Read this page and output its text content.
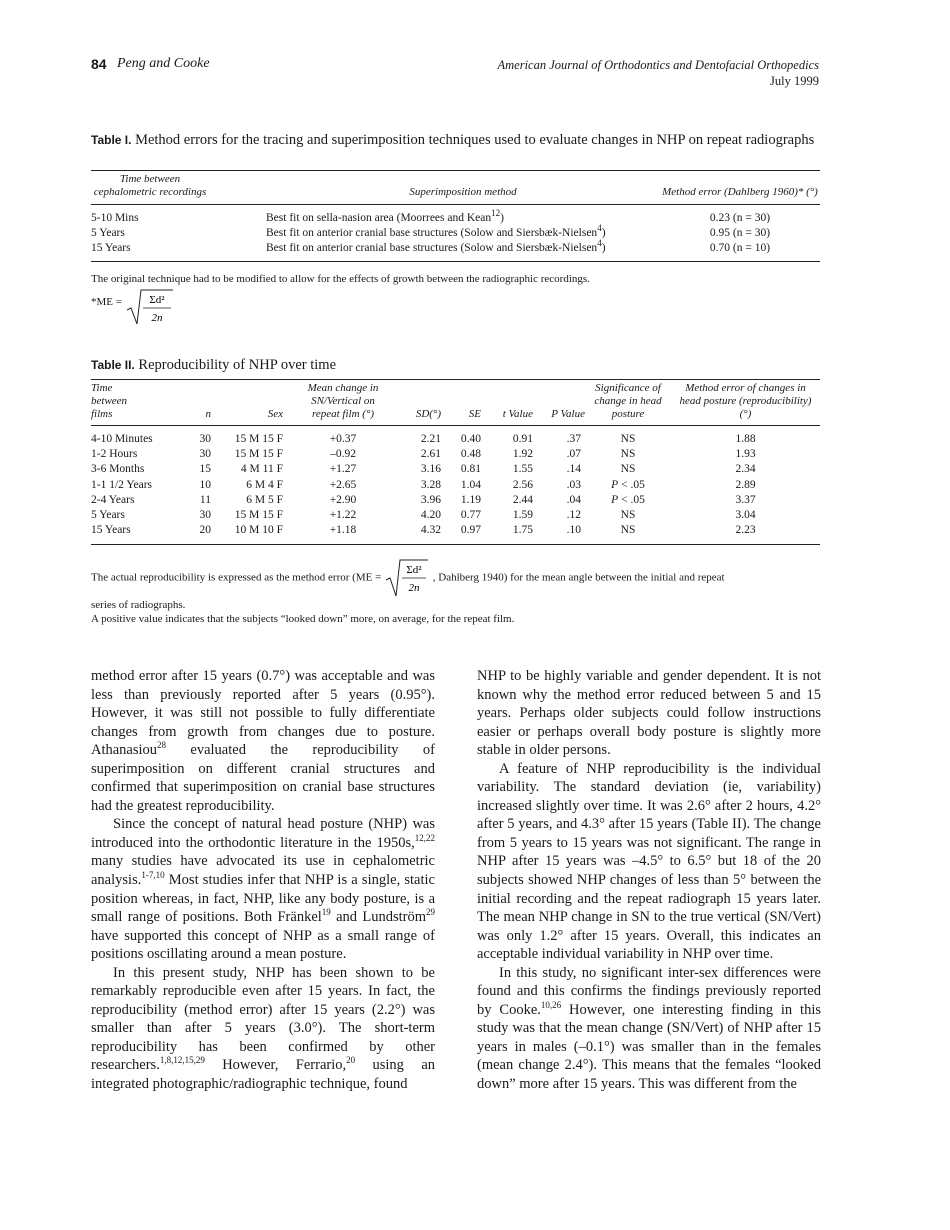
84 Peng and Cooke	American Journal of Orthodontics and Dentofacial Orthopedics
July 1999
Table I. Method errors for the tracing and superimposition techniques used to evaluate changes in NHP on repeat radiographs
Time between cephalometric recordings	Superimposition method	Method error (Dahlberg 1960)* (°)

5-10 Mins	Best fit on sella-nasion area (Moorrees and Kean$^{12}$)	0.23 (n = 30)
5 Years	Best fit on anterior cranial base structures (Solow and Siersbæk-Nielsen$^4$)	0.95 (n = 30)
15 Years	Best fit on anterior cranial base structures (Solow and Siersbæk-Nielsen$^4$)	0.70 (n = 10)
The original technique had to be modified to allow for the effects of growth between the radiographic recordings.
*ME = Σd²
2n
Table II. Reproducibility of NHP over time
Time between films	n	Sex	Mean change in SN/Vertical on repeat film (°)	SD(°)	SE	t Value	P Value	Significance of change in head posture	Method error of changes in head posture (reproducibility) (°)

4-10 Minutes	30	15 M 15 F	+0.37	2.21	0.40	0.91	.37	NS	1.88
1-2 Hours	30	15 M 15 F	–0.92	2.61	0.48	1.92	.07	NS	1.93
3-6 Months	15	4 M 11 F	+1.27	3.16	0.81	1.55	.14	NS	2.34
1-1 1/2 Years	10	6 M 4 F	+2.65	3.28	1.04	2.56	.03	P < .05	2.89
2-4 Years	11	6 M 5 F	+2.90	3.96	1.19	2.44	.04	P < .05	3.37
5 Years	30	15 M 15 F	+1.22	4.20	0.77	1.59	.12	NS	3.04
15 Years	20	10 M 10 F	+1.18	4.32	0.97	1.75	.10	NS	2.23
The actual reproducibility is expressed as the method error (ME =
Σd²
2n
, Dahlberg 1940) for the mean angle between the initial and repeat
series of radiographs.
A positive value indicates that the subjects “looked down” more, on average, for the repeat film.

method error after 15 years (0.7°) was acceptable and was less than previously reported after 5 years (0.95°). However, it was still not possible to fully differentiate changes from growth from changes due to posture. Athanasiou$^{28}$ evaluated the reproducibility of superimposition on different cranial structures and confirmed that superimposition on cranial base structures had the greatest reproducibility.

Since the concept of natural head posture (NHP) was introduced into the orthodontic literature in the 1950s,$^{12,22}$ many studies have advocated its use in cephalometric analysis.$^{1-7,10}$ Most studies infer that NHP is a single, static position whereas, in fact, NHP, like any body posture, is a small range of positions. Both Fränkel$^{19}$ and Lundström$^{29}$ have supported this concept of NHP as a small range of positions oscillating around a mean posture.

In this present study, NHP has been shown to be remarkably reproducible even after 15 years. In fact, the reproducibility (method error) after 15 years (2.2°) was smaller than after 5 years (3.0°). The short-term reproducibility has been confirmed by other researchers.$^{1,8,12,15,29}$ However, Ferrario,$^{20}$ using an integrated photographic/radiographic technique, found

NHP to be highly variable and gender dependent. It is not known why the method error reduced between 5 and 15 years. Perhaps older subjects could follow instructions easier or perhaps overall body posture is slightly more stable in older persons.

A feature of NHP reproducibility is the individual variability. The standard deviation (ie, variability) increased slightly over time. It was 2.6° after 2 hours, 4.2° after 5 years, and 4.3° after 15 years (Table II). The change from 5 years to 15 years was not significant. The range in NHP after 15 years was –4.5° to 6.5° but 18 of the 20 subjects showed NHP changes of less than 5° between the initial recording and the repeat radiograph 15 years later. The mean NHP change in SN to the true vertical (SN/Vert) was only 1.2° after 15 years. Overall, this indicates an acceptable individual variability in NHP over time.

In this study, no significant inter-sex differences were found and this confirms the findings previously reported by Cooke.$^{10,26}$ However, one interesting finding in this study was that the mean change (SN/Vert) of NHP after 15 years in males (–0.1°) was smaller than in the females (mean change 2.4°). This means that the females “looked down” more after 15 years. This was different from the
